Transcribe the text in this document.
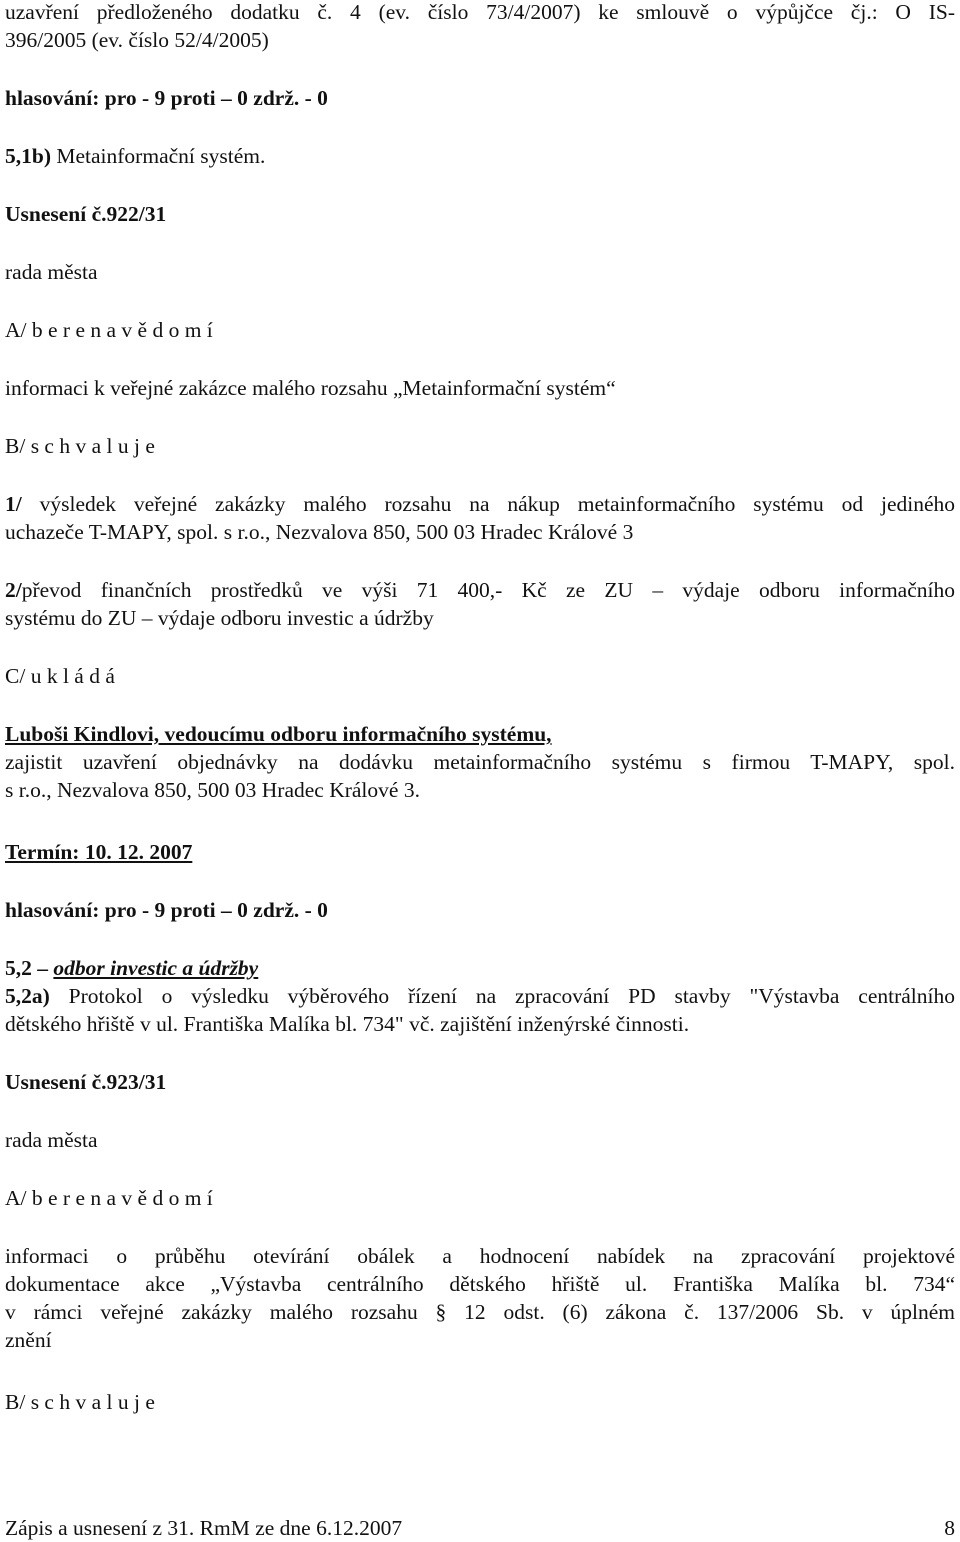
uzavření předloženého dodatku č. 4 (ev. číslo 73/4/2007) ke smlouvě o výpůjčce čj.: O IS-
396/2005 (ev. číslo 52/4/2005)
hlasování: pro - 9 proti – 0 zdrž. - 0
5,1b) Metainformační systém.
Usnesení č.922/31
rada města
A/ b e r e n a v ě d o m í
informaci k veřejné zakázce malého rozsahu „Metainformační systém“
B/ s c h v a l u j e
1/ výsledek veřejné zakázky malého rozsahu na nákup metainformačního systému od jediného
uchazeče T-MAPY, spol. s r.o., Nezvalova 850, 500 03 Hradec Králové 3
2/převod finančních prostředků ve výši 71 400,- Kč ze ZU – výdaje odboru informačního
systému do ZU – výdaje odboru investic a údržby
C/ u k l á d á
Luboši Kindlovi, vedoucímu odboru informačního systému,
zajistit uzavření objednávky na dodávku metainformačního systému s firmou T-MAPY, spol.
s r.o., Nezvalova 850, 500 03 Hradec Králové 3.
Termín: 10. 12. 2007
hlasování: pro - 9 proti – 0 zdrž. - 0
5,2 – odbor investic a údržby
5,2a) Protokol o výsledku výběrového řízení na zpracování PD stavby "Výstavba centrálního
dětského hřiště v ul. Františka Malíka bl. 734" vč. zajištění inženýrské činnosti.
Usnesení č.923/31
rada města
A/ b e r e n a v ě d o m í
informaci o průběhu otevírání obálek a hodnocení nabídek na zpracování projektové
dokumentace akce „Výstavba centrálního dětského hřiště ul. Františka Malíka bl. 734“
v rámci veřejné zakázky malého rozsahu § 12 odst. (6) zákona č. 137/2006 Sb. v úplném
znění
B/ s c h v a l u j e
Zápis a usnesení z 31. RmM ze dne 6.12.2007	8
